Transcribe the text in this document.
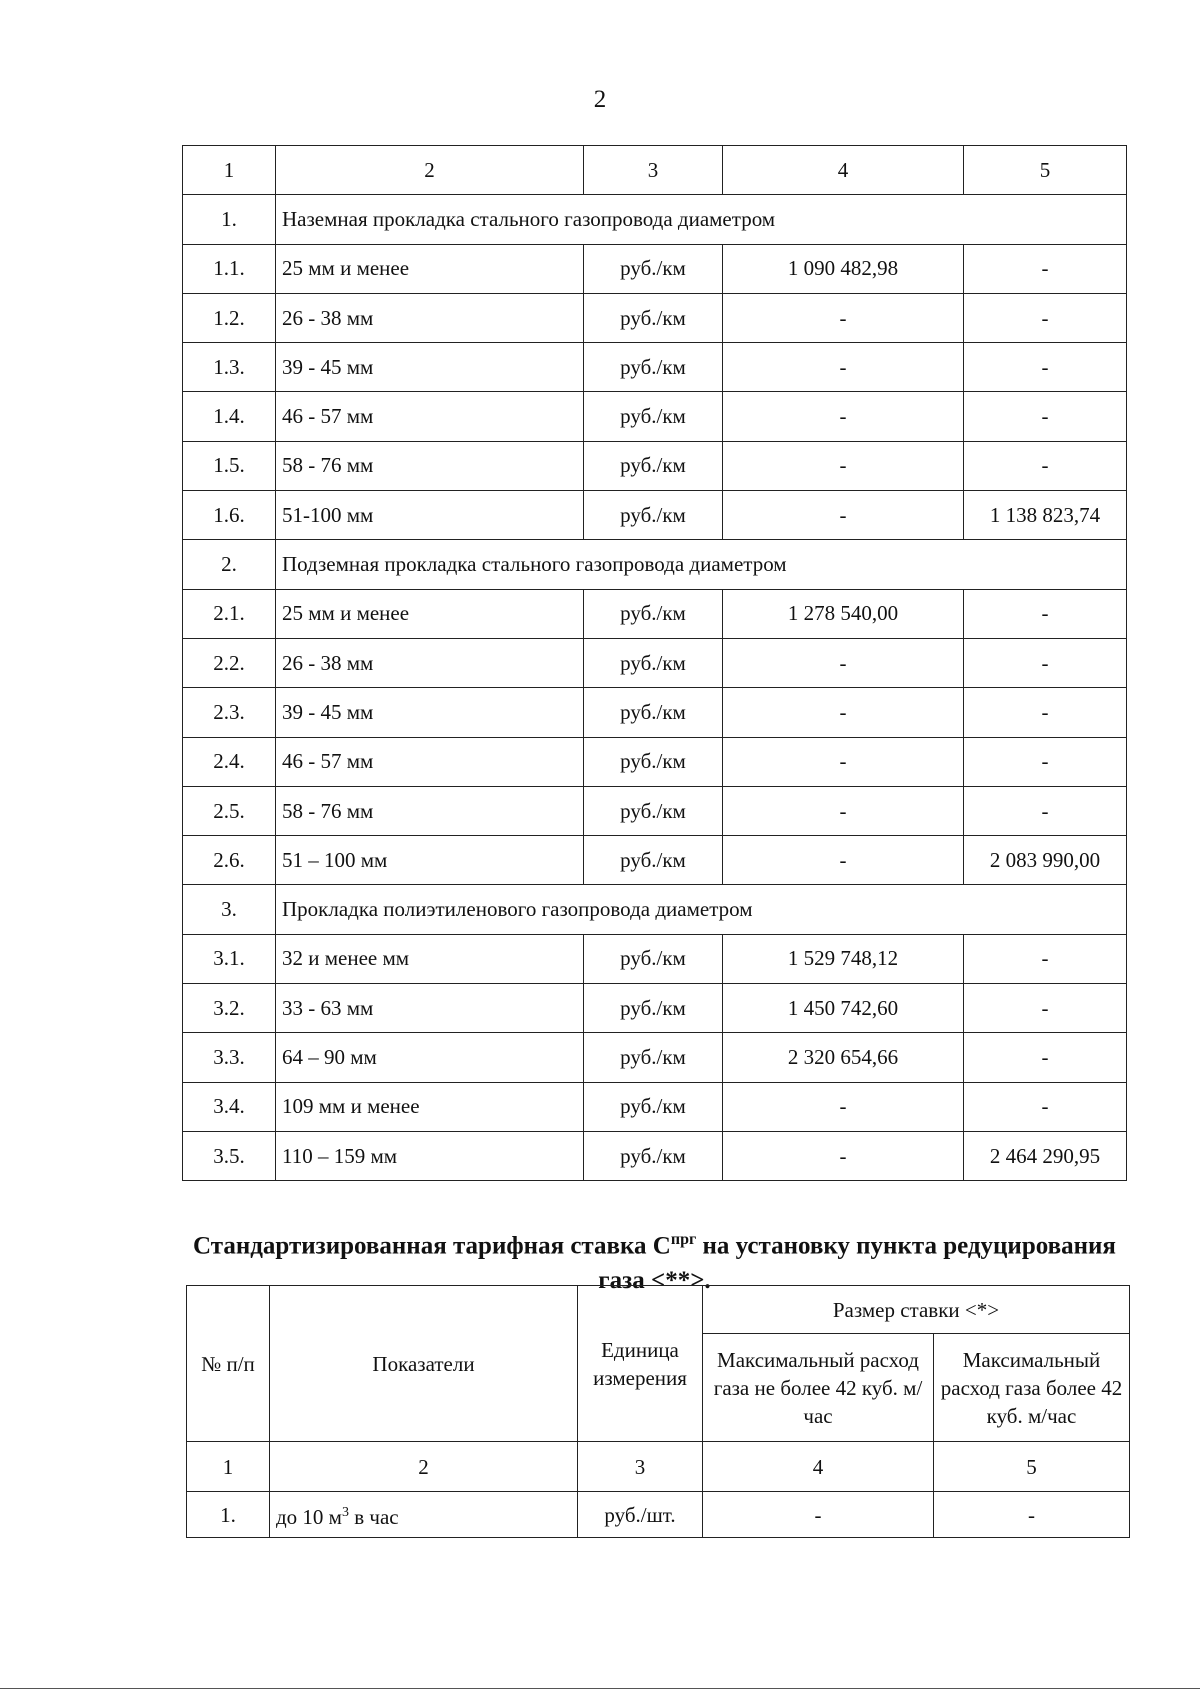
2
1	2	3	4	5
1.	Наземная прокладка стального газопровода диаметром			
1.1.	25 мм и менее	руб./км	1 090 482,98	-
1.2.	26 - 38 мм	руб./км	-	-
1.3.	39 - 45 мм	руб./км	-	-
1.4.	46 - 57 мм	руб./км	-	-
1.5.	58 - 76 мм	руб./км	-	-
1.6.	51-100 мм	руб./км	-	1 138 823,74
2.	Подземная прокладка стального газопровода диаметром			
2.1.	25 мм и менее	руб./км	1 278 540,00	-
2.2.	26 - 38 мм	руб./км	-	-
2.3.	39 - 45 мм	руб./км	-	-
2.4.	46 - 57 мм	руб./км	-	-
2.5.	58 - 76 мм	руб./км	-	-
2.6.	51 – 100 мм	руб./км	-	2 083 990,00
3.	Прокладка полиэтиленового газопровода диаметром			
3.1.	32 и менее мм	руб./км	1 529 748,12	-
3.2.	33 - 63 мм	руб./км	1 450 742,60	-
3.3.	64 – 90 мм	руб./км	2 320 654,66	-
3.4.	109 мм и менее	руб./км	-	-
3.5.	110 – 159 мм	руб./км	-	2 464 290,95
Стандартизированная тарифная ставка $С^{прг}$ на установку пункта редуцирования газа <**>.
№ п/п	Показатели	Единица измерения	Размер ставки <*>	
			Максимальный расход газа не более 42 куб. м/час	Максимальный расход газа более 42 куб. м/час
1	2	3	4	5
1.	до 10 $м^3$ в час	руб./шт.	-	-
